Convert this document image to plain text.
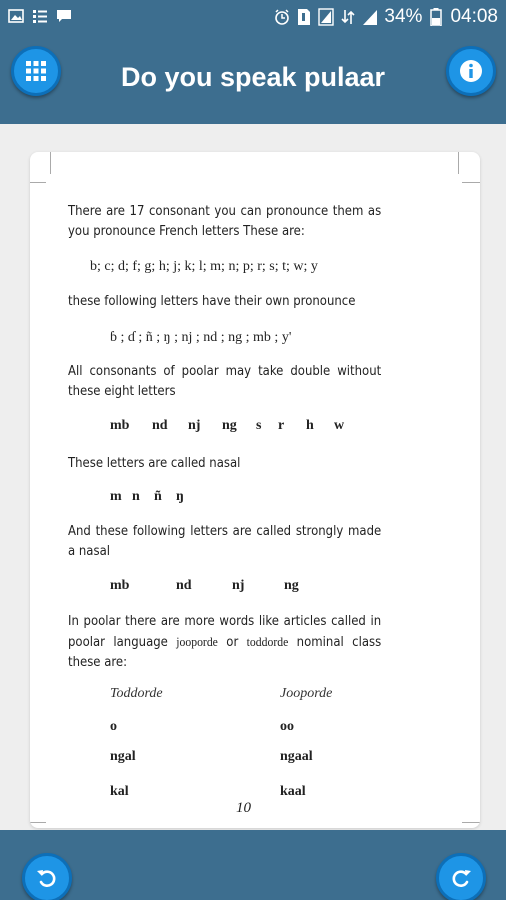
34% 04:08
Do you speak pulaar

There are 17 consonant you can pronounce them as you pronounce French letters These are:

b; c; d; f; g; h; j; k; l; m; n; p; r; s; t; w; y

these following letters have their own pronounce

ɓ ; ɗ ; ñ ; ŋ ; nj ; nd ; ng ; mb ; y'

All consonants of poolar may take double without these eight letters

mb	nd	nj	ng	s	r	h	w

These letters are called nasal

m n	ñ	ŋ

And these following letters are called strongly made a nasal

mb	nd	nj	ng

In poolar there are more words like articles called in poolar language jooporde or toddorde nominal class these are:

Toddorde	Jooporde
o	oo
ngal	ngaal
kal	kaal
10
